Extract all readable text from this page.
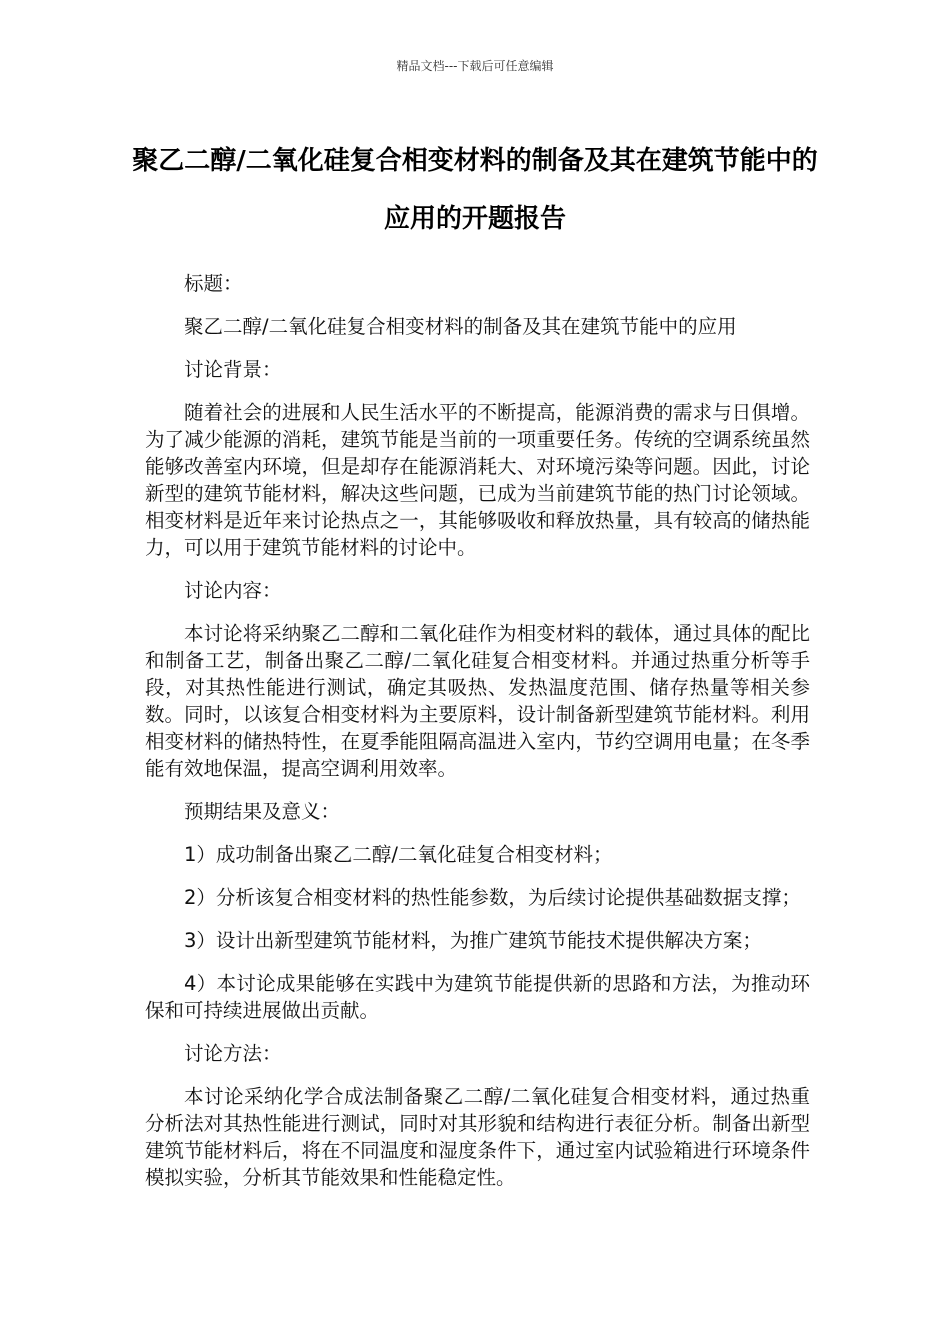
精品文档---下载后可任意编辑
聚乙二醇/二氧化硅复合相变材料的制备及其在建筑节能中的应用的开题报告

标题：

聚乙二醇/二氧化硅复合相变材料的制备及其在建筑节能中的应用

讨论背景：

随着社会的进展和人民生活水平的不断提高，能源消费的需求与日俱增。为了减少能源的消耗，建筑节能是当前的一项重要任务。传统的空调系统虽然能够改善室内环境，但是却存在能源消耗大、对环境污染等问题。因此，讨论新型的建筑节能材料，解决这些问题，已成为当前建筑节能的热门讨论领域。相变材料是近年来讨论热点之一，其能够吸收和释放热量，具有较高的储热能力，可以用于建筑节能材料的讨论中。

讨论内容：

本讨论将采纳聚乙二醇和二氧化硅作为相变材料的载体，通过具体的配比和制备工艺，制备出聚乙二醇/二氧化硅复合相变材料。并通过热重分析等手段，对其热性能进行测试，确定其吸热、发热温度范围、储存热量等相关参数。同时，以该复合相变材料为主要原料，设计制备新型建筑节能材料。利用相变材料的储热特性，在夏季能阻隔高温进入室内，节约空调用电量；在冬季能有效地保温，提高空调利用效率。

预期结果及意义：

1）成功制备出聚乙二醇/二氧化硅复合相变材料；

2）分析该复合相变材料的热性能参数，为后续讨论提供基础数据支撑；

3）设计出新型建筑节能材料，为推广建筑节能技术提供解决方案；

4）本讨论成果能够在实践中为建筑节能提供新的思路和方法，为推动环保和可持续进展做出贡献。

讨论方法：

本讨论采纳化学合成法制备聚乙二醇/二氧化硅复合相变材料，通过热重分析法对其热性能进行测试，同时对其形貌和结构进行表征分析。制备出新型建筑节能材料后，将在不同温度和湿度条件下，通过室内试验箱进行环境条件模拟实验，分析其节能效果和性能稳定性。
